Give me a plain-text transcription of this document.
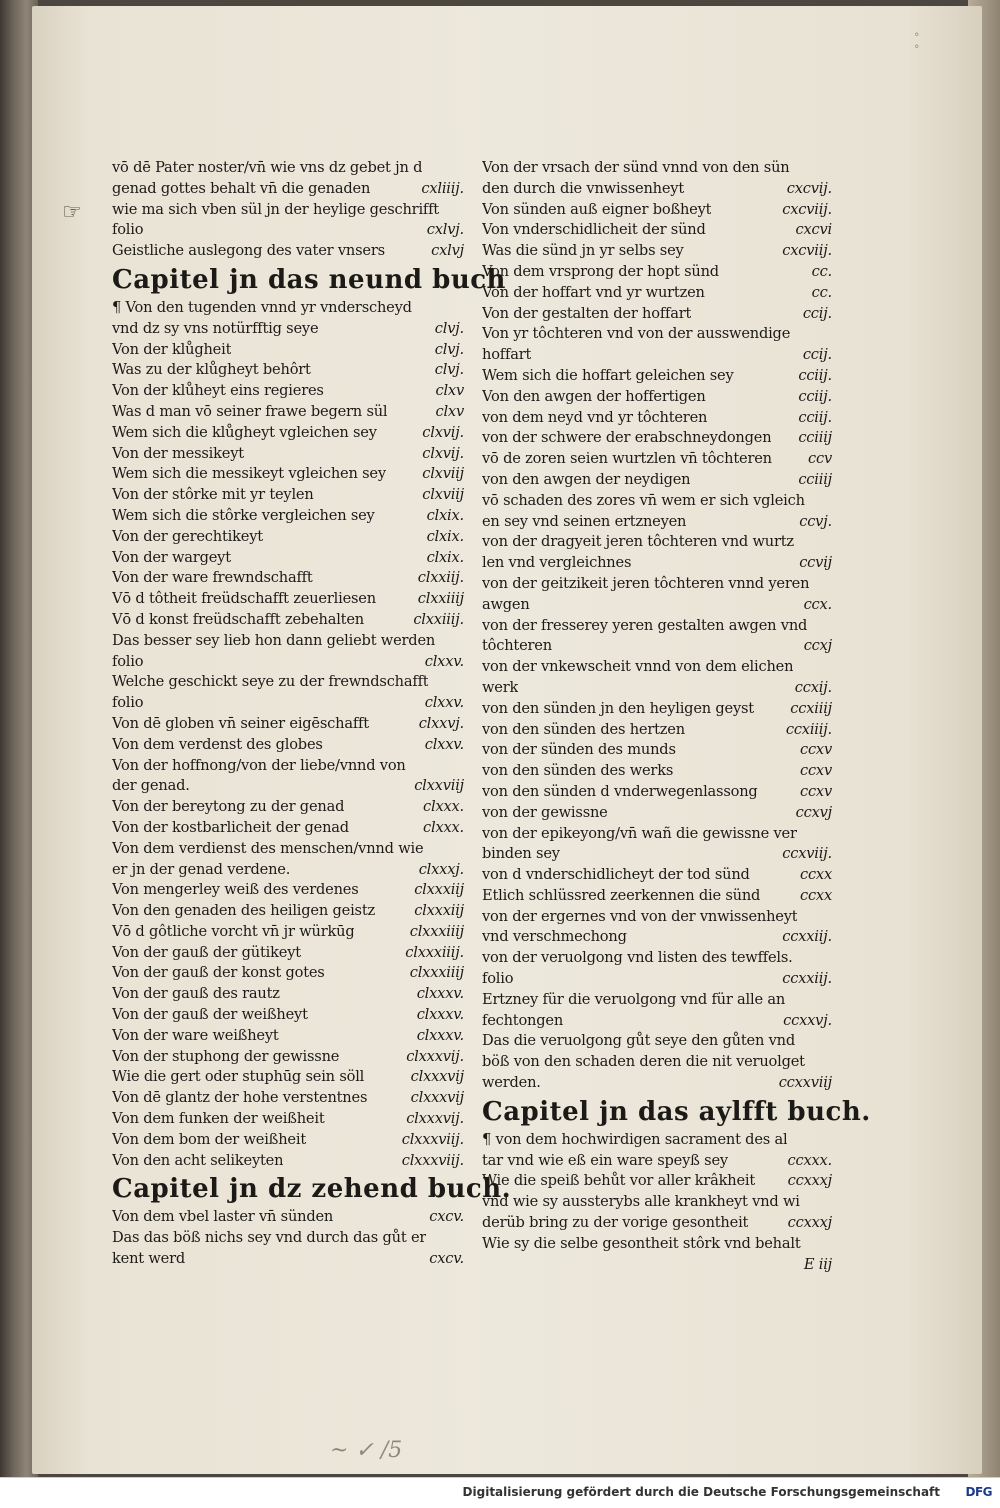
☞
°
°
vō dē Pater noster/vn̄ wie vns dz gebet jn d
genad gottes behalt vn̄ die genaden	cxliiij.
wie ma sich vben sül jn der heylige geschrifft
folio	cxlvj.
Geistliche auslegong des vater vnsers	cxlvj
Capitel jn das neund buch
¶ Von den tugenden vnnd yr vnderscheyd
vnd dz sy vns notürfftig seye	clvj.
Von der klůgheit	clvj.
Was zu der klůgheyt behôrt	clvj.
Von der klůheyt eins regieres	clxv
Was d man vō seiner frawe begern sül	clxv
Wem sich die klůgheyt vgleichen sey	clxvij.
Von der messikeyt	clxvij.
Wem sich die messikeyt vgleichen sey	clxviij
Von der stôrke mit yr teylen	clxviij
Wem sich die stôrke vergleichen sey	clxix.
Von der gerechtikeyt	clxix.
Von der wargeyt	clxix.
Von der ware frewndschafft	clxxiij.
Vō d tôtheit freüdschafft zeuerliesen	clxxiiij
Vō d konst freüdschafft zebehalten	clxxiiij.
Das besser sey lieb hon dann geliebt werden
folio	clxxv.
Welche geschickt seye zu der frewndschafft
folio	clxxv.
Von dē globen vn̄ seiner eigēschafft	clxxvj.
Von dem verdenst des globes	clxxv.
Von der hoffnong/von der liebe/vnnd von
der genad.	clxxviij
Von der bereytong zu der genad	clxxx.
Von der kostbarlicheit der genad	clxxx.
Von dem verdienst des menschen/vnnd wie
er jn der genad verdene.	clxxxj.
Von mengerley weiß des verdenes	clxxxiij
Von den genaden des heiligen geistz	clxxxiij
Vō d gôtliche vorcht vn̄ jr würkūg	clxxxiiij
Von der gauß der gütikeyt	clxxxiiij.
Von der gauß der konst gotes	clxxxiiij
Von der gauß des rautz	clxxxv.
Von der gauß der weißheyt	clxxxv.
Von der ware weißheyt	clxxxv.
Von der stuphong der gewissne	clxxxvij.
Wie die gert oder stuphūg sein söll	clxxxvij
Von dē glantz der hohe verstentnes	clxxxvij
Von dem funken der weißheit	clxxxvij.
Von dem bom der weißheit	clxxxviij.
Von den acht selikeyten	clxxxviij.
Capitel jn dz zehend buch.
Von dem vbel laster vn̄ sünden	cxcv.
Das das böß nichs sey vnd durch das gůt er
kent werd	cxcv.
Von der vrsach der sünd vnnd von den sün
den durch die vnwissenheyt	cxcvij.
Von sünden auß eigner boßheyt	cxcviij.
Von vnderschidlicheit der sünd	cxcvi
Was die sünd jn yr selbs sey	cxcviij.
Von dem vrsprong der hopt sünd	cc.
Von der hoffart vnd yr wurtzen	cc.
Von der gestalten der hoffart	ccij.
Von yr tôchteren vnd von der ausswendige
hoffart	ccij.
Wem sich die hoffart geleichen sey	cciij.
Von den awgen der hoffertigen	cciij.
von dem neyd vnd yr tôchteren	cciij.
von der schwere der erabschneydongen	cciiij
vō de zoren seien wurtzlen vn̄ tôchteren	ccv
von den awgen der neydigen	cciiij
vō schaden des zores vn̄ wem er sich vgleich
en sey vnd seinen ertzneyen	ccvj.
von der dragyeit jeren tôchteren vnd wurtz
len vnd vergleichnes	ccvij
von der geitzikeit jeren tôchteren vnnd yeren
awgen	ccx.
von der fresserey yeren gestalten awgen vnd
tôchteren	ccxj
von der vnkewscheit vnnd von dem elichen
werk	ccxij.
von den sünden jn den heyligen geyst	ccxiiij
von den sünden des hertzen	ccxiiij.
von der sünden des munds	ccxv
von den sünden des werks	ccxv
von den sünden d vnderwegenlassong	ccxv
von der gewissne	ccxvj
von der epikeyong/vn̄ wañ die gewissne ver
binden sey	ccxviij.
von d vnderschidlicheyt der tod sünd	ccxx
Etlich schlüssred zeerkennen die sünd	ccxx
von der ergernes vnd von der vnwissenheyt
vnd verschmechong	ccxxiij.
von der veruolgong vnd listen des tewffels.
folio	ccxxiij.
Ertzney für die veruolgong vnd für alle an
fechtongen	ccxxvj.
Das die veruolgong gůt seye den gůten vnd
böß von den schaden deren die nit veruolget
werden.	ccxxviij
Capitel jn das aylfft buch.
¶ von dem hochwirdigen sacrament des al
tar vnd wie eß ein ware speyß sey	ccxxx.
Wie die speiß behůt vor aller krâkheit	ccxxxj
vnd wie sy aussterybs alle krankheyt vnd wi
derüb bring zu der vorige gesontheit	ccxxxj
Wie sy die selbe gesontheit stôrk vnd behalt
E iij
~ ✓ /5
Digitalisierung gefördert durch die Deutsche Forschungsgemeinschaft DFG
